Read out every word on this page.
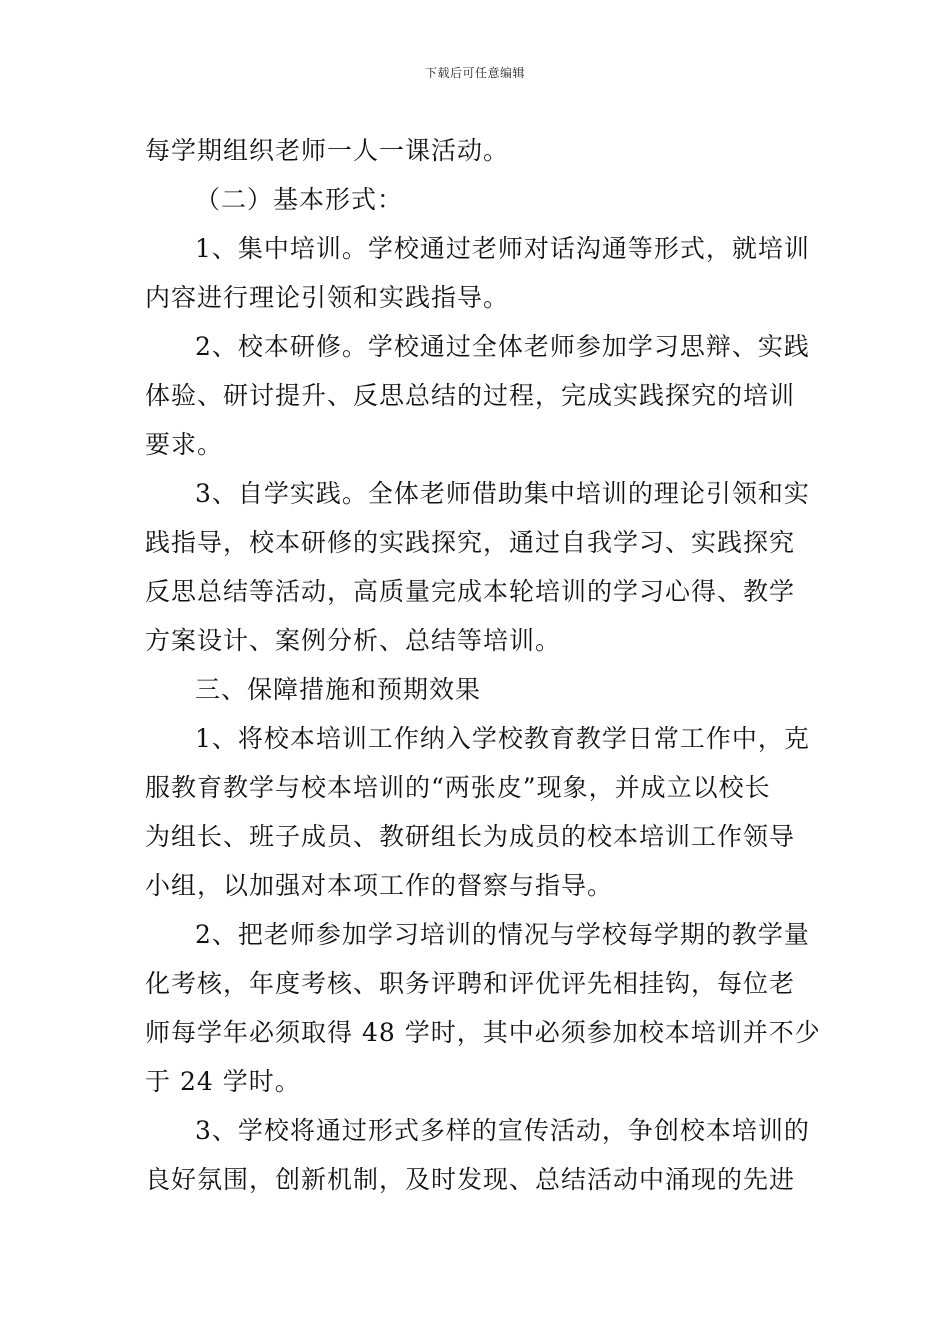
下载后可任意编辑
每学期组织老师一人一课活动。
（二）基本形式：
1、集中培训。学校通过老师对话沟通等形式，就培训
内容进行理论引领和实践指导。
2、校本研修。学校通过全体老师参加学习思辩、实践
体验、研讨提升、反思总结的过程，完成实践探究的培训
要求。
3、自学实践。全体老师借助集中培训的理论引领和实
践指导，校本研修的实践探究，通过自我学习、实践探究
反思总结等活动，高质量完成本轮培训的学习心得、教学
方案设计、案例分析、总结等培训。
三、保障措施和预期效果
1、将校本培训工作纳入学校教育教学日常工作中，克
服教育教学与校本培训的“两张皮”现象，并成立以校长
为组长、班子成员、教研组长为成员的校本培训工作领导
小组，以加强对本项工作的督察与指导。
2、把老师参加学习培训的情况与学校每学期的教学量
化考核，年度考核、职务评聘和评优评先相挂钩，每位老
师每学年必须取得 48 学时，其中必须参加校本培训并不少
于 24 学时。
3、学校将通过形式多样的宣传活动，争创校本培训的
良好氛围，创新机制，及时发现、总结活动中涌现的先进
